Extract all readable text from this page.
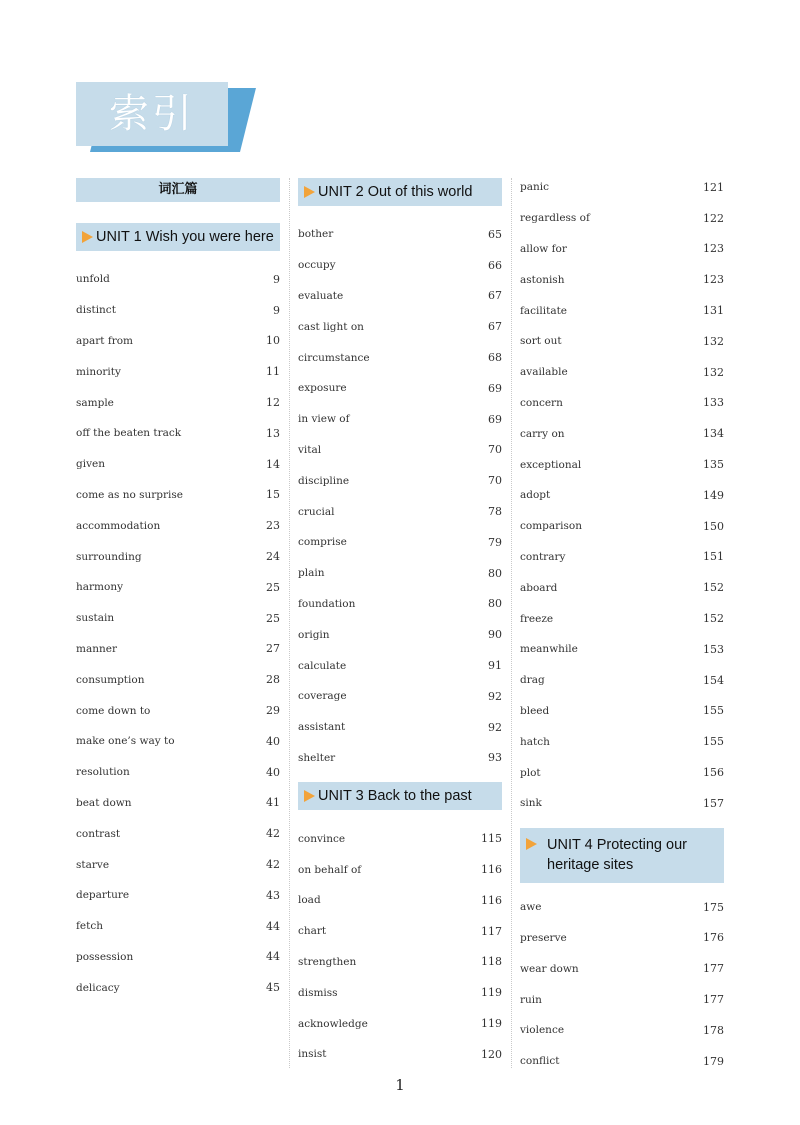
索引
词汇篇
UNIT 1 Wish you were here
unfold	9
distinct	9
apart from	10
minority	11
sample	12
off the beaten track	13
given	14
come as no surprise	15
accommodation	23
surrounding	24
harmony	25
sustain	25
manner	27
consumption	28
come down to	29
make one’s way to	40
resolution	40
beat down	41
contrast	42
starve	42
departure	43
fetch	44
possession	44
delicacy	45
UNIT 2 Out of this world
bother	65
occupy	66
evaluate	67
cast light on	67
circumstance	68
exposure	69
in view of	69
vital	70
discipline	70
crucial	78
comprise	79
plain	80
foundation	80
origin	90
calculate	91
coverage	92
assistant	92
shelter	93
UNIT 3 Back to the past
convince	115
on behalf of	116
load	116
chart	117
strengthen	118
dismiss	119
acknowledge	119
insist	120
panic	121
regardless of	122
allow for	123
astonish	123
facilitate	131
sort out	132
available	132
concern	133
carry on	134
exceptional	135
adopt	149
comparison	150
contrary	151
aboard	152
freeze	152
meanwhile	153
drag	154
bleed	155
hatch	155
plot	156
sink	157
UNIT 4 Protecting our heritage sites
awe	175
preserve	176
wear down	177
ruin	177
violence	178
conflict	179
1
